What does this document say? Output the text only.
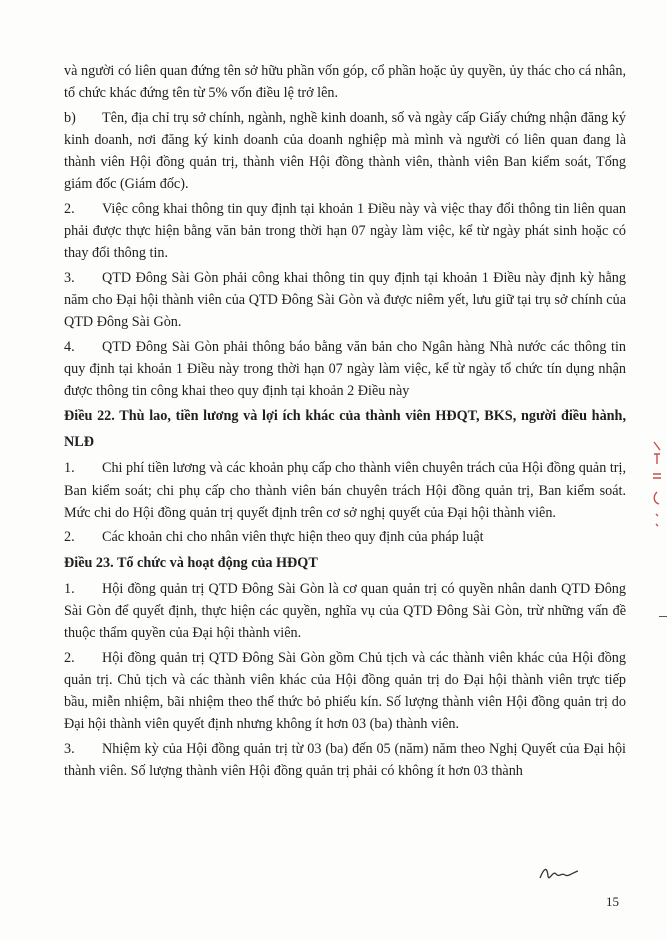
và người có liên quan đứng tên sở hữu phần vốn góp, cổ phần hoặc ủy quyền, ủy thác cho cá nhân, tổ chức khác đứng tên từ 5% vốn điều lệ trở lên.

b) Tên, địa chỉ trụ sở chính, ngành, nghề kinh doanh, số và ngày cấp Giấy chứng nhận đăng ký kinh doanh, nơi đăng ký kinh doanh của doanh nghiệp mà mình và người có liên quan đang là thành viên Hội đồng quản trị, thành viên Hội đồng thành viên, thành viên Ban kiểm soát, Tổng giám đốc (Giám đốc).

2. Việc công khai thông tin quy định tại khoản 1 Điều này và việc thay đổi thông tin liên quan phải được thực hiện bằng văn bản trong thời hạn 07 ngày làm việc, kể từ ngày phát sinh hoặc có thay đổi thông tin.

3. QTD Đông Sài Gòn phải công khai thông tin quy định tại khoản 1 Điều này định kỳ hằng năm cho Đại hội thành viên của QTD Đông Sài Gòn và được niêm yết, lưu giữ tại trụ sở chính của QTD Đông Sài Gòn.

4. QTD Đông Sài Gòn phải thông báo bằng văn bản cho Ngân hàng Nhà nước các thông tin quy định tại khoản 1 Điều này trong thời hạn 07 ngày làm việc, kể từ ngày tổ chức tín dụng nhận được thông tin công khai theo quy định tại khoản 2 Điều này

Điều 22. Thù lao, tiền lương và lợi ích khác của thành viên HĐQT, BKS, người điều hành, NLĐ

1. Chi phí tiền lương và các khoản phụ cấp cho thành viên chuyên trách của Hội đồng quản trị, Ban kiểm soát; chi phụ cấp cho thành viên bán chuyên trách Hội đồng quản trị, Ban kiểm soát. Mức chi do Hội đồng quản trị quyết định trên cơ sở nghị quyết của Đại hội thành viên.

2. Các khoản chi cho nhân viên thực hiện theo quy định của pháp luật

Điều 23. Tổ chức và hoạt động của HĐQT

1. Hội đồng quản trị QTD Đông Sài Gòn là cơ quan quản trị có quyền nhân danh QTD Đông Sài Gòn để quyết định, thực hiện các quyền, nghĩa vụ của QTD Đông Sài Gòn, trừ những vấn đề thuộc thẩm quyền của Đại hội thành viên.

2. Hội đồng quản trị QTD Đông Sài Gòn gồm Chủ tịch và các thành viên khác của Hội đồng quản trị. Chủ tịch và các thành viên khác của Hội đồng quản trị do Đại hội thành viên trực tiếp bầu, miễn nhiệm, bãi nhiệm theo thể thức bỏ phiếu kín. Số lượng thành viên Hội đồng quản trị do Đại hội thành viên quyết định nhưng không ít hơn 03 (ba) thành viên.

3. Nhiệm kỳ của Hội đồng quản trị từ 03 (ba) đến 05 (năm) năm theo Nghị Quyết của Đại hội thành viên. Số lượng thành viên Hội đồng quản trị phải có không ít hơn 03 thành

15
